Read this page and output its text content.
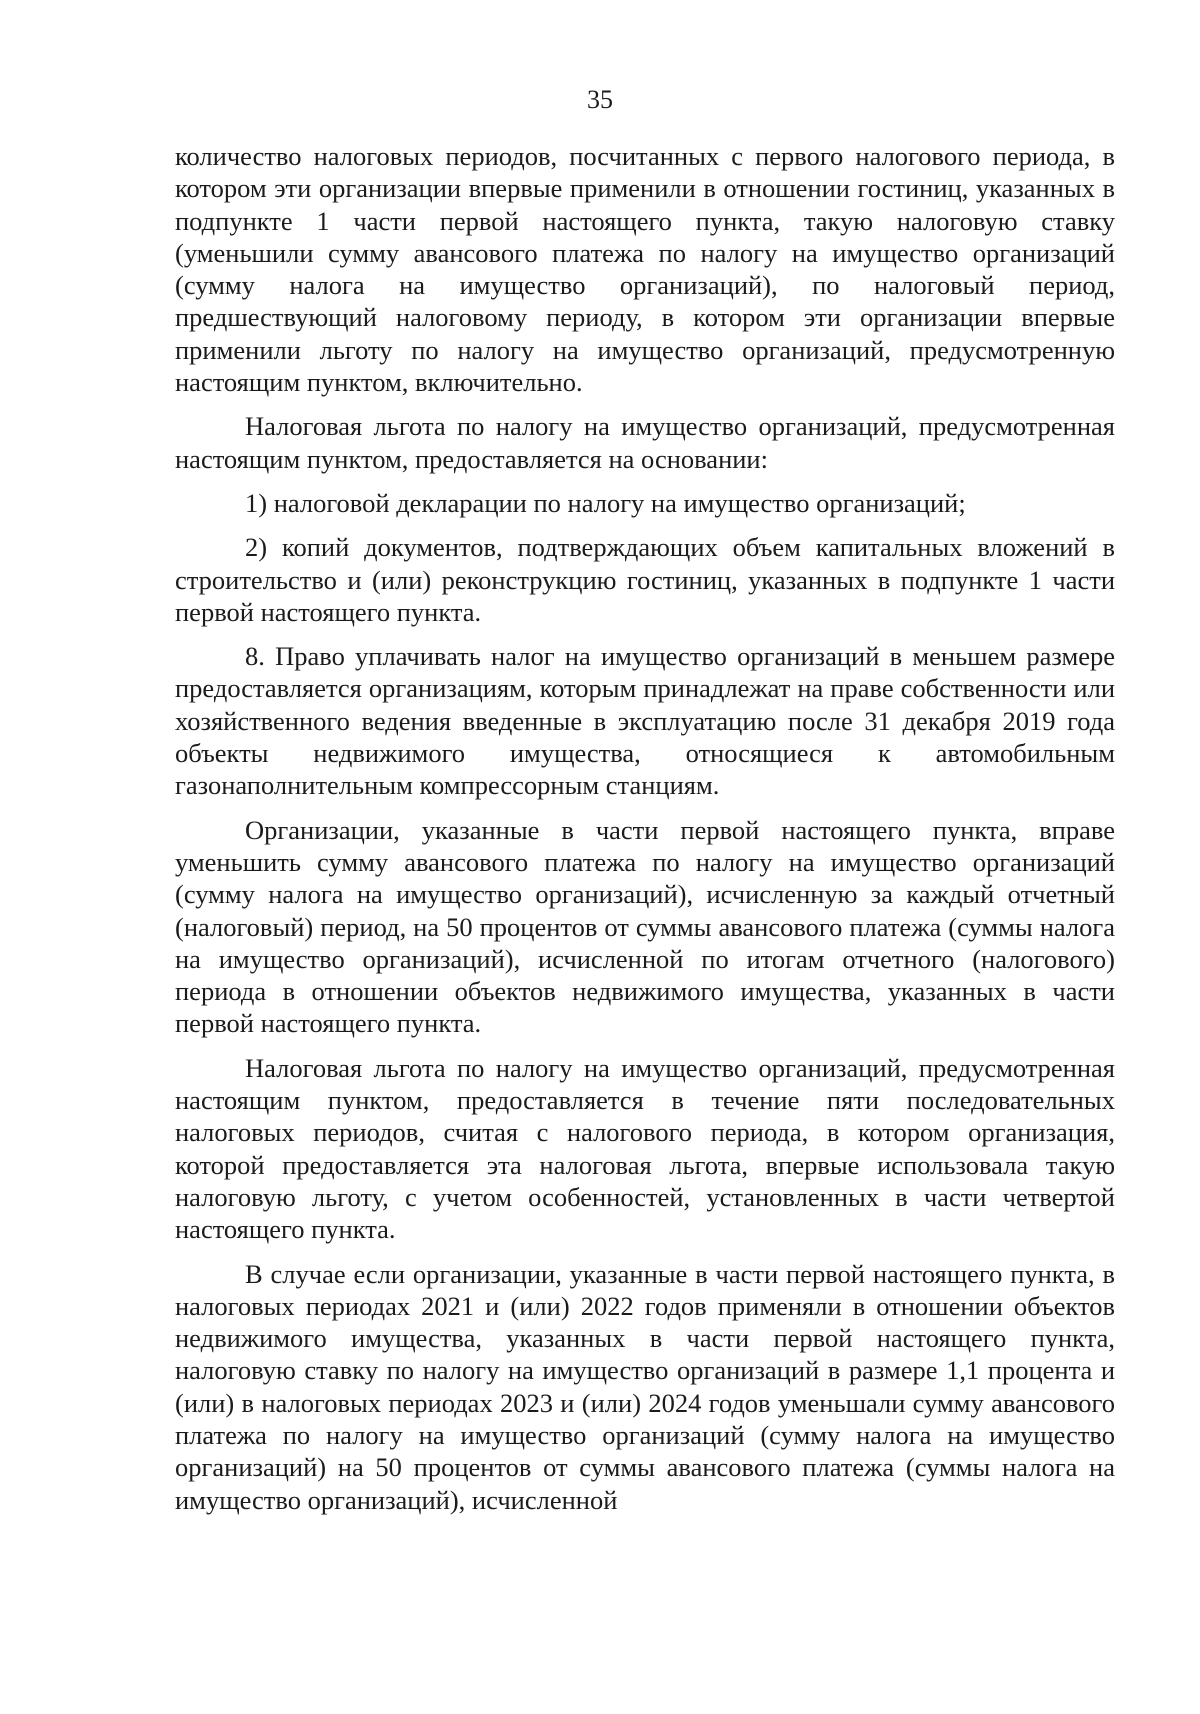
35

количество налоговых периодов, посчитанных с первого налогового периода, в котором эти организации впервые применили в отношении гостиниц, указанных в подпункте 1 части первой настоящего пункта, такую налоговую ставку (уменьшили сумму авансового платежа по налогу на имущество организаций (сумму налога на имущество организаций), по налоговый период, предшествующий налоговому периоду, в котором эти организации впервые применили льготу по налогу на имущество организаций, предусмотренную настоящим пунктом, включительно.

Налоговая льгота по налогу на имущество организаций, предусмотренная настоящим пунктом, предоставляется на основании:

1) налоговой декларации по налогу на имущество организаций;

2) копий документов, подтверждающих объем капитальных вложений в строительство и (или) реконструкцию гостиниц, указанных в подпункте 1 части первой настоящего пункта.

8. Право уплачивать налог на имущество организаций в меньшем размере предоставляется организациям, которым принадлежат на праве собственности или хозяйственного ведения введенные в эксплуатацию после 31 декабря 2019 года объекты недвижимого имущества, относящиеся к автомобильным газонаполнительным компрессорным станциям.

Организации, указанные в части первой настоящего пункта, вправе уменьшить сумму авансового платежа по налогу на имущество организаций (сумму налога на имущество организаций), исчисленную за каждый отчетный (налоговый) период, на 50 процентов от суммы авансового платежа (суммы налога на имущество организаций), исчисленной по итогам отчетного (налогового) периода в отношении объектов недвижимого имущества, указанных в части первой настоящего пункта.

Налоговая льгота по налогу на имущество организаций, предусмотренная настоящим пунктом, предоставляется в течение пяти последовательных налоговых периодов, считая с налогового периода, в котором организация, которой предоставляется эта налоговая льгота, впервые использовала такую налоговую льготу, с учетом особенностей, установленных в части четвертой настоящего пункта.

В случае если организации, указанные в части первой настоящего пункта, в налоговых периодах 2021 и (или) 2022 годов применяли в отношении объектов недвижимого имущества, указанных в части первой настоящего пункта, налоговую ставку по налогу на имущество организаций в размере 1,1 процента и (или) в налоговых периодах 2023 и (или) 2024 годов уменьшали сумму авансового платежа по налогу на имущество организаций (сумму налога на имущество организаций) на 50 процентов от суммы авансового платежа (суммы налога на имущество организаций), исчисленной
